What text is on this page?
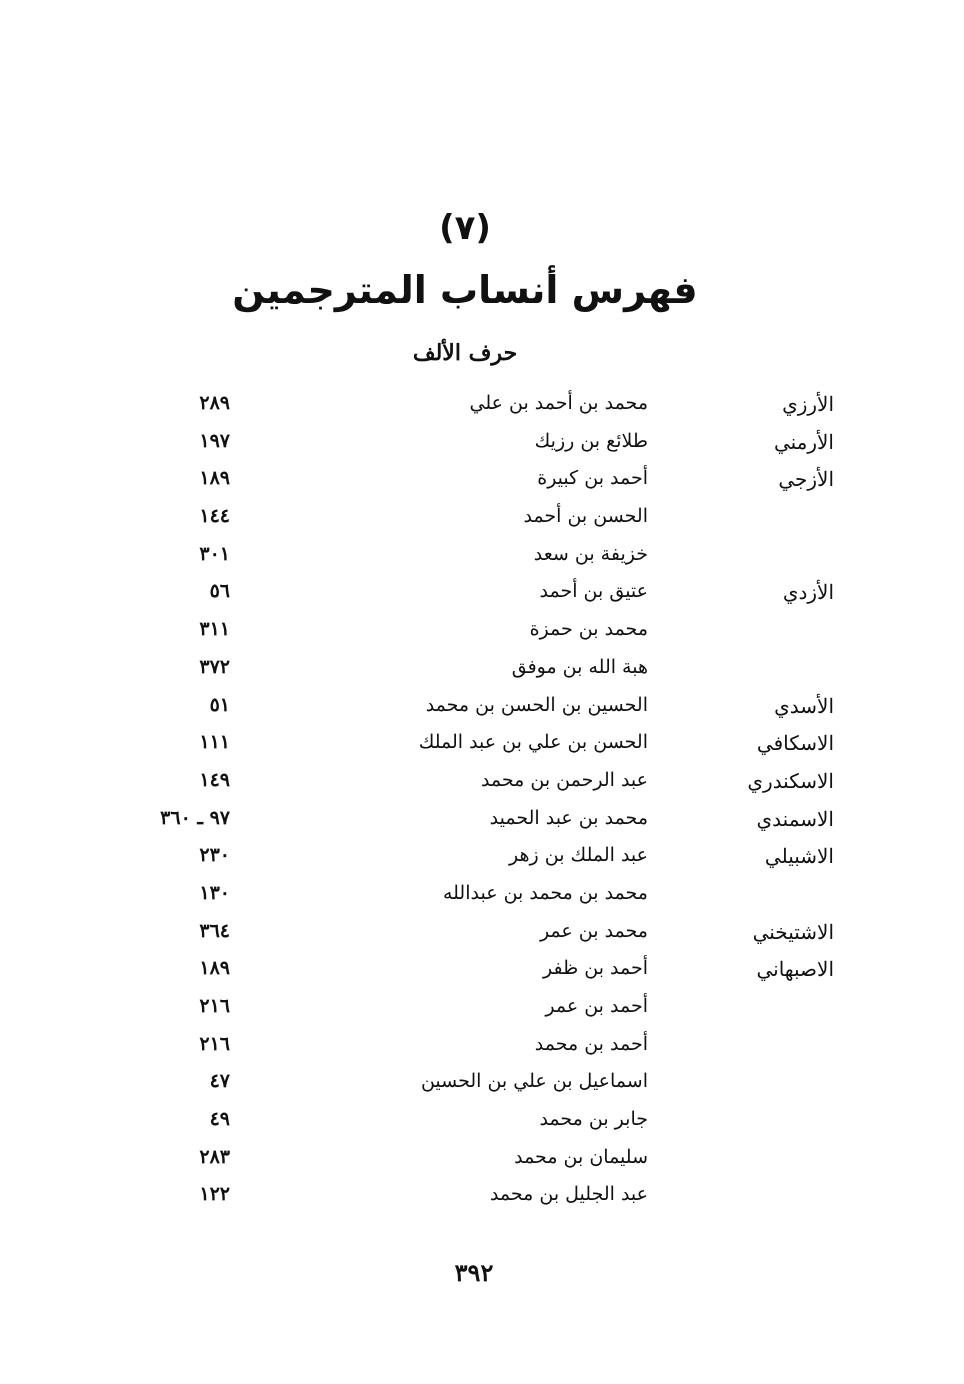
(٧)
فهرس أنساب المترجمين
حرف الألف
الأرزي
محمد بن أحمد بن علي
٢٨٩
الأرمني
طلائع بن رزيك
١٩٧
الأزجي
أحمد بن كبيرة
١٨٩
الحسن بن أحمد
١٤٤
خزيفة بن سعد
٣٠١
الأزدي
عتيق بن أحمد
٥٦
محمد بن حمزة
٣١١
هبة الله بن موفق
٣٧٢
الأسدي
الحسين بن الحسن بن محمد
٥١
الاسكافي
الحسن بن علي بن عبد الملك
١١١
الاسكندري
عبد الرحمن بن محمد
١٤٩
الاسمندي
محمد بن عبد الحميد
٩٧ ـ ٣٦٠
الاشبيلي
عبد الملك بن زهر
٢٣٠
محمد بن محمد بن عبدالله
١٣٠
الاشتيخني
محمد بن عمر
٣٦٤
الاصبهاني
أحمد بن ظفر
١٨٩
أحمد بن عمر
٢١٦
أحمد بن محمد
٢١٦
اسماعيل بن علي بن الحسين
٤٧
جابر بن محمد
٤٩
سليمان بن محمد
٢٨٣
عبد الجليل بن محمد
١٢٢
٣٩٢
